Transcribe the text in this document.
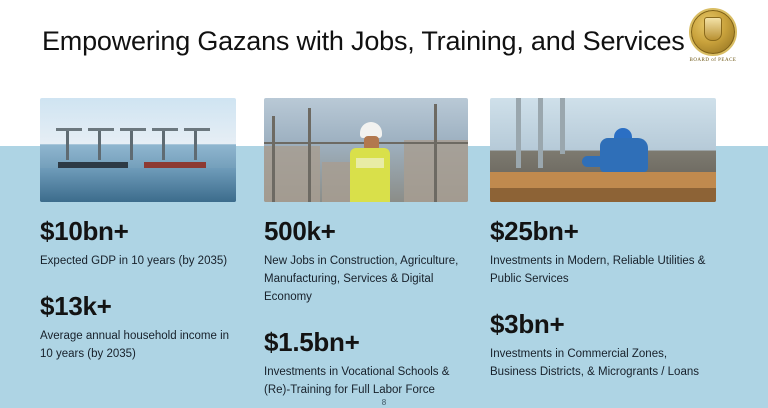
Empowering Gazans with Jobs, Training, and Services
BOARD of PEACE
$10bn+
Expected GDP in 10 years (by 2035)
$13k+
Average annual household income in 10 years (by 2035)
500k+
New Jobs in Construction, Agriculture, Manufacturing, Services & Digital Economy
$1.5bn+
Investments in Vocational Schools & (Re)-Training for Full Labor Force
$25bn+
Investments in Modern, Reliable Utilities & Public Services
$3bn+
Investments in Commercial Zones, Business Districts, & Microgrants / Loans
8
